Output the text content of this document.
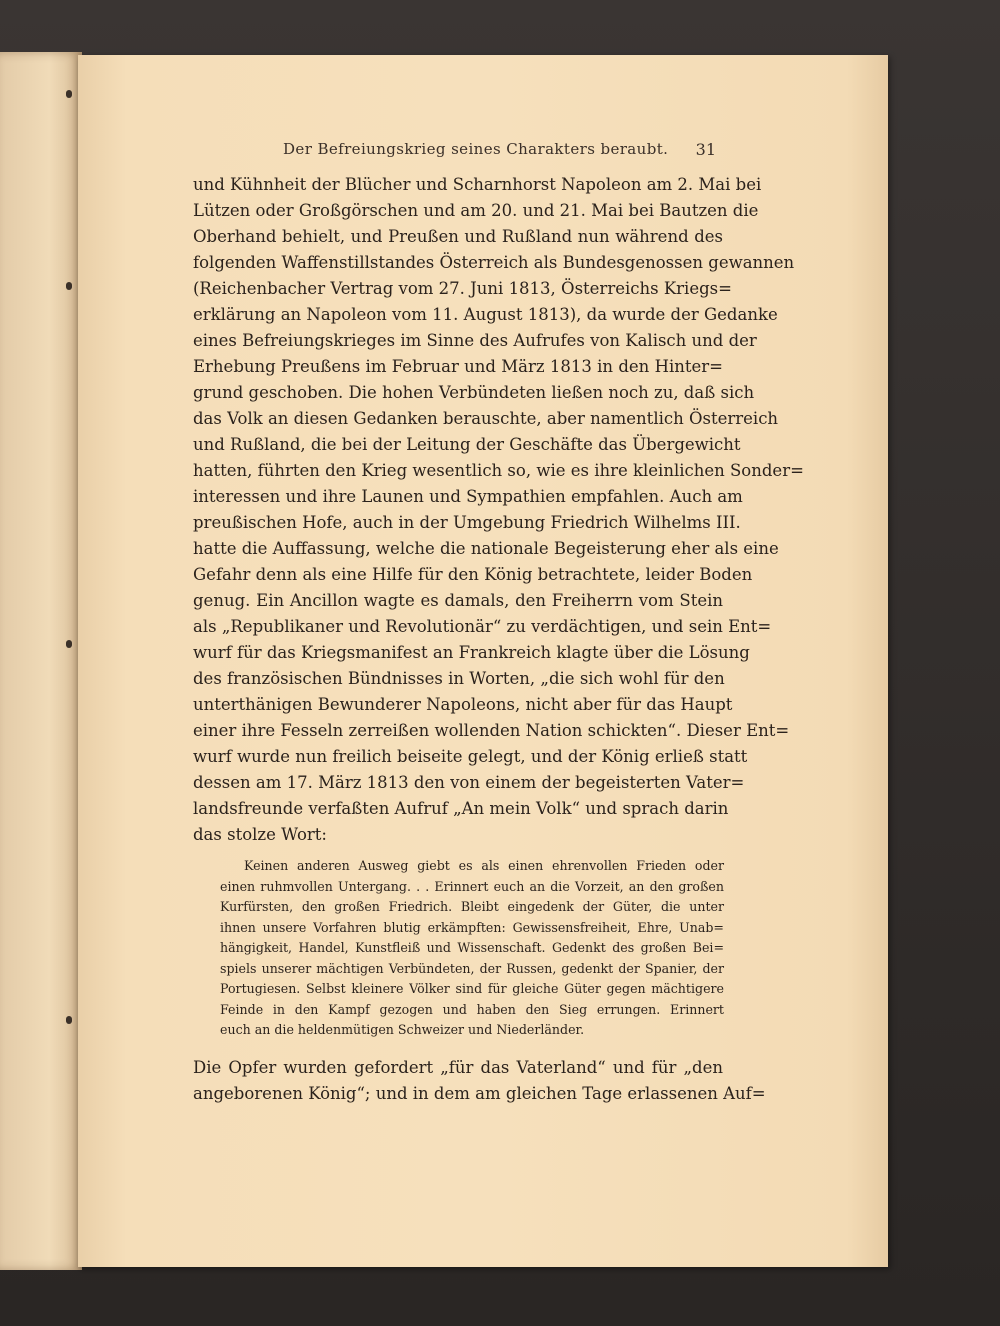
Der Befreiungskrieg seines Charakters beraubt.	31
und Kühnheit der Blücher und Scharnhorst Napoleon am 2. Mai bei
Lützen oder Großgörschen und am 20. und 21. Mai bei Bautzen die
Oberhand behielt, und Preußen und Rußland nun während des
folgenden Waffenstillstandes Österreich als Bundesgenossen gewannen
(Reichenbacher Vertrag vom 27. Juni 1813, Österreichs Kriegs=
erklärung an Napoleon vom 11. August 1813), da wurde der Gedanke
eines Befreiungskrieges im Sinne des Aufrufes von Kalisch und der
Erhebung Preußens im Februar und März 1813 in den Hinter=
grund geschoben. Die hohen Verbündeten ließen noch zu, daß sich
das Volk an diesen Gedanken berauschte, aber namentlich Österreich
und Rußland, die bei der Leitung der Geschäfte das Übergewicht
hatten, führten den Krieg wesentlich so, wie es ihre kleinlichen Sonder=
interessen und ihre Launen und Sympathien empfahlen. Auch am
preußischen Hofe, auch in der Umgebung Friedrich Wilhelms III.
hatte die Auffassung, welche die nationale Begeisterung eher als eine
Gefahr denn als eine Hilfe für den König betrachtete, leider Boden
genug. Ein Ancillon wagte es damals, den Freiherrn vom Stein
als „Republikaner und Revolutionär“ zu verdächtigen, und sein Ent=
wurf für das Kriegsmanifest an Frankreich klagte über die Lösung
des französischen Bündnisses in Worten, „die sich wohl für den
unterthänigen Bewunderer Napoleons, nicht aber für das Haupt
einer ihre Fesseln zerreißen wollenden Nation schickten“. Dieser Ent=
wurf wurde nun freilich beiseite gelegt, und der König erließ statt
dessen am 17. März 1813 den von einem der begeisterten Vater=
landsfreunde verfaßten Aufruf „An mein Volk“ und sprach darin
das stolze Wort:
Keinen anderen Ausweg giebt es als einen ehrenvollen Frieden oder
einen ruhmvollen Untergang. . . Erinnert euch an die Vorzeit, an den großen
Kurfürsten, den großen Friedrich. Bleibt eingedenk der Güter, die unter
ihnen unsere Vorfahren blutig erkämpften: Gewissensfreiheit, Ehre, Unab=
hängigkeit, Handel, Kunstfleiß und Wissenschaft. Gedenkt des großen Bei=
spiels unserer mächtigen Verbündeten, der Russen, gedenkt der Spanier, der
Portugiesen. Selbst kleinere Völker sind für gleiche Güter gegen mächtigere
Feinde in den Kampf gezogen und haben den Sieg errungen. Erinnert
euch an die heldenmütigen Schweizer und Niederländer.
Die Opfer wurden gefordert „für das Vaterland“ und für „den
angeborenen König“; und in dem am gleichen Tage erlassenen Auf=
